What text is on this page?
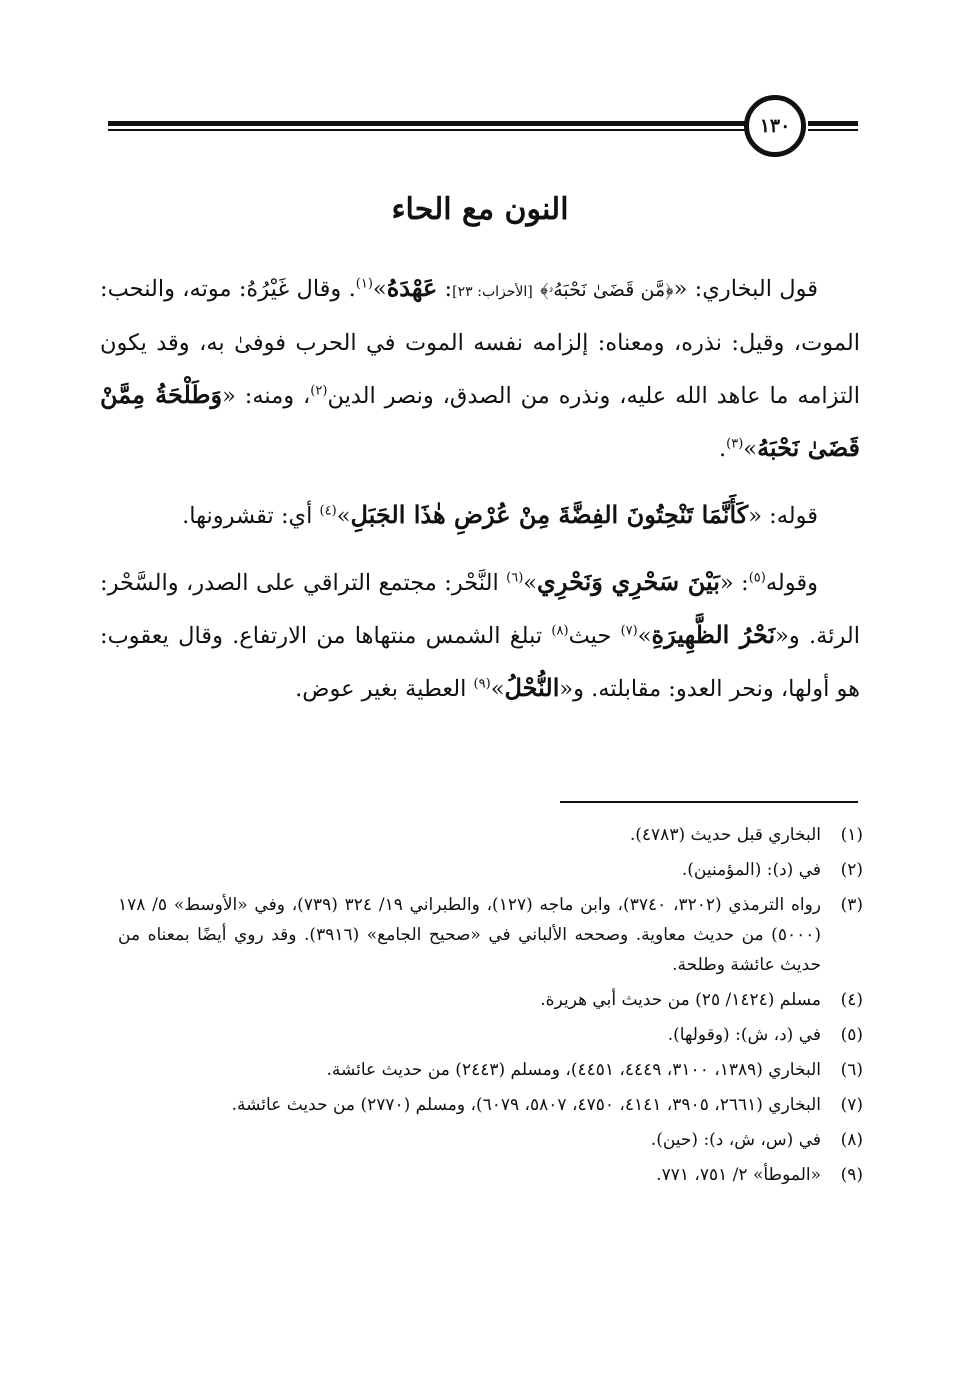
١٣٠
النون مع الحاء

قول البخاري: «﴿مَّن قَضَىٰ نَحْبَهُۥ﴾ [الأحزاب: ٢٣]: عَهْدَهُ»$^{(١)}$. وقال غَيْرُهُ: موته، والنحب: الموت، وقيل: نذره، ومعناه: إلزامه نفسه الموت في الحرب فوفىٰ به، وقد يكون التزامه ما عاهد الله عليه، ونذره من الصدق، ونصر الدين$^{(٢)}$، ومنه: «وَطَلْحَةُ مِمَّنْ قَضَىٰ نَحْبَهُ»$^{(٣)}$.

قوله: «كَأَنَّمَا تَنْحِتُونَ الفِضَّةَ مِنْ عُرْضِ هٰذَا الجَبَلِ»$^{(٤)}$ أي: تقشرونها.

وقوله$^{(٥)}$: «بَيْنَ سَحْرِي وَنَحْرِي»$^{(٦)}$ النَّحْر: مجتمع التراقي على الصدر، والسَّحْر: الرئة. و«نَحْرُ الظَّهِيرَةِ»$^{(٧)}$ حيث$^{(٨)}$ تبلغ الشمس منتهاها من الارتفاع. وقال يعقوب: هو أولها، ونحر العدو: مقابلته. و«النُّحْلُ»$^{(٩)}$ العطية بغير عوض.

(١)
البخاري قبل حديث (٤٧٨٣).
(٢)
في (د): (المؤمنين).
(٣)
رواه الترمذي (٣٢٠٢، ٣٧٤٠)، وابن ماجه (١٢٧)، والطبراني ١٩/ ٣٢٤ (٧٣٩)، وفي «الأوسط» ٥/ ١٧٨ (٥٠٠٠) من حديث معاوية. وصححه الألباني في «صحيح الجامع» (٣٩١٦). وقد روي أيضًا بمعناه من حديث عائشة وطلحة.
(٤)
مسلم (١٤٢٤/ ٢٥) من حديث أبي هريرة.
(٥)
في (د، ش): (وقولها).
(٦)
البخاري (١٣٨٩، ٣١٠٠، ٤٤٤٩، ٤٤٥١)، ومسلم (٢٤٤٣) من حديث عائشة.
(٧)
البخاري (٢٦٦١، ٣٩٠٥، ٤١٤١، ٤٧٥٠، ٥٨٠٧، ٦٠٧٩)، ومسلم (٢٧٧٠) من حديث عائشة.
(٨)
في (س، ش، د): (حين).
(٩)
«الموطأ» ٢/ ٧٥١، ٧٧١.
